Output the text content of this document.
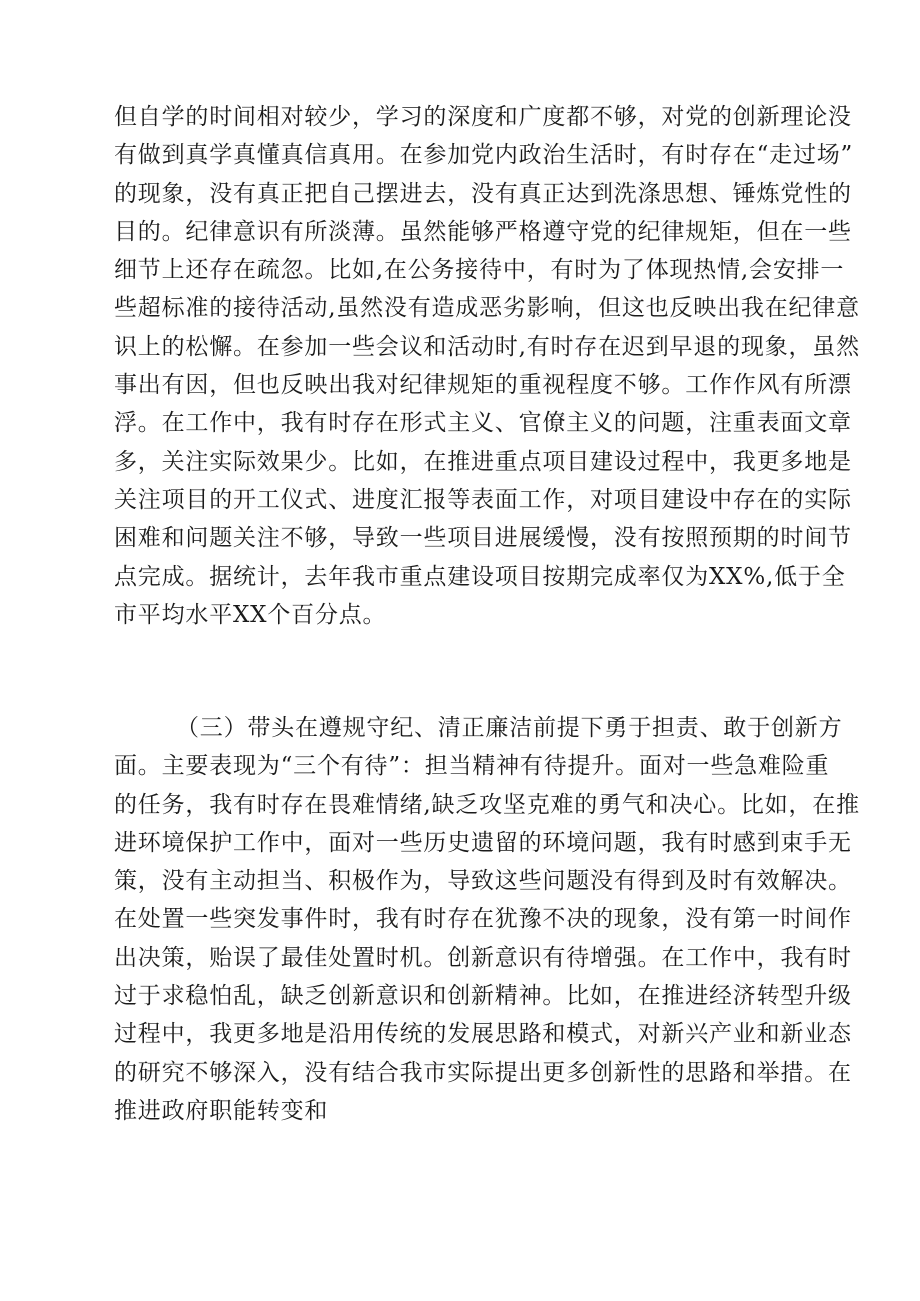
但自学的时间相对较少，学习的深度和广度都不够，对党的创新理论没
有做到真学真懂真信真用。在参加党内政治生活时，有时存在“走过场”
的现象，没有真正把自己摆进去，没有真正达到洗涤思想、锤炼党性的
目的。纪律意识有所淡薄。虽然能够严格遵守党的纪律规矩，但在一些
细节上还存在疏忽。比如,在公务接待中，有时为了体现热情,会安排一
些超标准的接待活动,虽然没有造成恶劣影响，但这也反映出我在纪律意
识上的松懈。在参加一些会议和活动时,有时存在迟到早退的现象，虽然
事出有因，但也反映出我对纪律规矩的重视程度不够。工作作风有所漂
浮。在工作中，我有时存在形式主义、官僚主义的问题，注重表面文章
多，关注实际效果少。比如，在推进重点项目建设过程中，我更多地是
关注项目的开工仪式、进度汇报等表面工作，对项目建设中存在的实际
困难和问题关注不够，导致一些项目进展缓慢，没有按照预期的时间节
点完成。据统计，去年我市重点建设项目按期完成率仅为XX%,低于全
市平均水平XX个百分点。
（三）带头在遵规守纪、清正廉洁前提下勇于担责、敢于创新方
面。主要表现为“三个有待”：担当精神有待提升。面对一些急难险重
的任务，我有时存在畏难情绪,缺乏攻坚克难的勇气和决心。比如，在推
进环境保护工作中，面对一些历史遗留的环境问题，我有时感到束手无
策，没有主动担当、积极作为，导致这些问题没有得到及时有效解决。
在处置一些突发事件时，我有时存在犹豫不决的现象，没有第一时间作
出决策，贻误了最佳处置时机。创新意识有待增强。在工作中，我有时
过于求稳怕乱，缺乏创新意识和创新精神。比如，在推进经济转型升级
过程中，我更多地是沿用传统的发展思路和模式，对新兴产业和新业态
的研究不够深入，没有结合我市实际提出更多创新性的思路和举措。在
推进政府职能转变和
